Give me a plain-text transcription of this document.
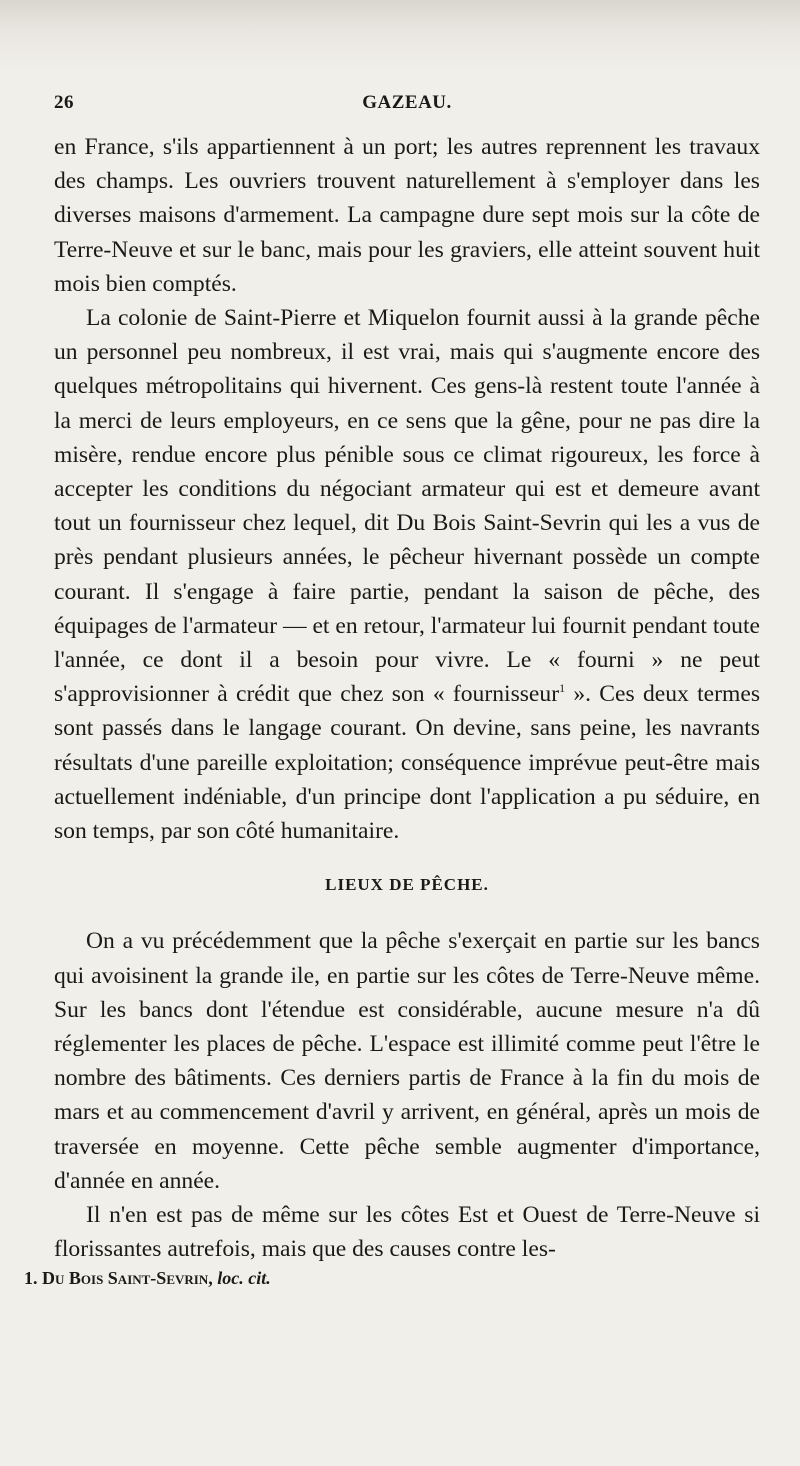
26	GAZEAU.

en France, s'ils appartiennent à un port; les autres reprennent les travaux des champs. Les ouvriers trouvent naturellement à s'employer dans les diverses maisons d'armement. La campagne dure sept mois sur la côte de Terre-Neuve et sur le banc, mais pour les graviers, elle atteint souvent huit mois bien comptés.

La colonie de Saint-Pierre et Miquelon fournit aussi à la grande pêche un personnel peu nombreux, il est vrai, mais qui s'augmente encore des quelques métropolitains qui hivernent. Ces gens-là restent toute l'année à la merci de leurs employeurs, en ce sens que la gêne, pour ne pas dire la misère, rendue encore plus pénible sous ce climat rigoureux, les force à accepter les conditions du négociant armateur qui est et demeure avant tout un fournisseur chez lequel, dit Du Bois Saint-Sevrin qui les a vus de près pendant plusieurs années, le pêcheur hivernant possède un compte courant. Il s'engage à faire partie, pendant la saison de pêche, des équipages de l'armateur — et en retour, l'armateur lui fournit pendant toute l'année, ce dont il a besoin pour vivre. Le « fourni » ne peut s'approvisionner à crédit que chez son « fournisseur$^1$ ». Ces deux termes sont passés dans le langage courant. On devine, sans peine, les navrants résultats d'une pareille exploitation; conséquence imprévue peut-être mais actuellement indéniable, d'un principe dont l'application a pu séduire, en son temps, par son côté humanitaire.

LIEUX DE PÊCHE.

On a vu précédemment que la pêche s'exerçait en partie sur les bancs qui avoisinent la grande ile, en partie sur les côtes de Terre-Neuve même. Sur les bancs dont l'étendue est considérable, aucune mesure n'a dû réglementer les places de pêche. L'espace est illimité comme peut l'être le nombre des bâtiments. Ces derniers partis de France à la fin du mois de mars et au commencement d'avril y arrivent, en général, après un mois de traversée en moyenne. Cette pêche semble augmenter d'importance, d'année en année.

Il n'en est pas de même sur les côtes Est et Ouest de Terre-Neuve si florissantes autrefois, mais que des causes contre les-

1. Du Bois Saint-Sevrin, loc. cit.
